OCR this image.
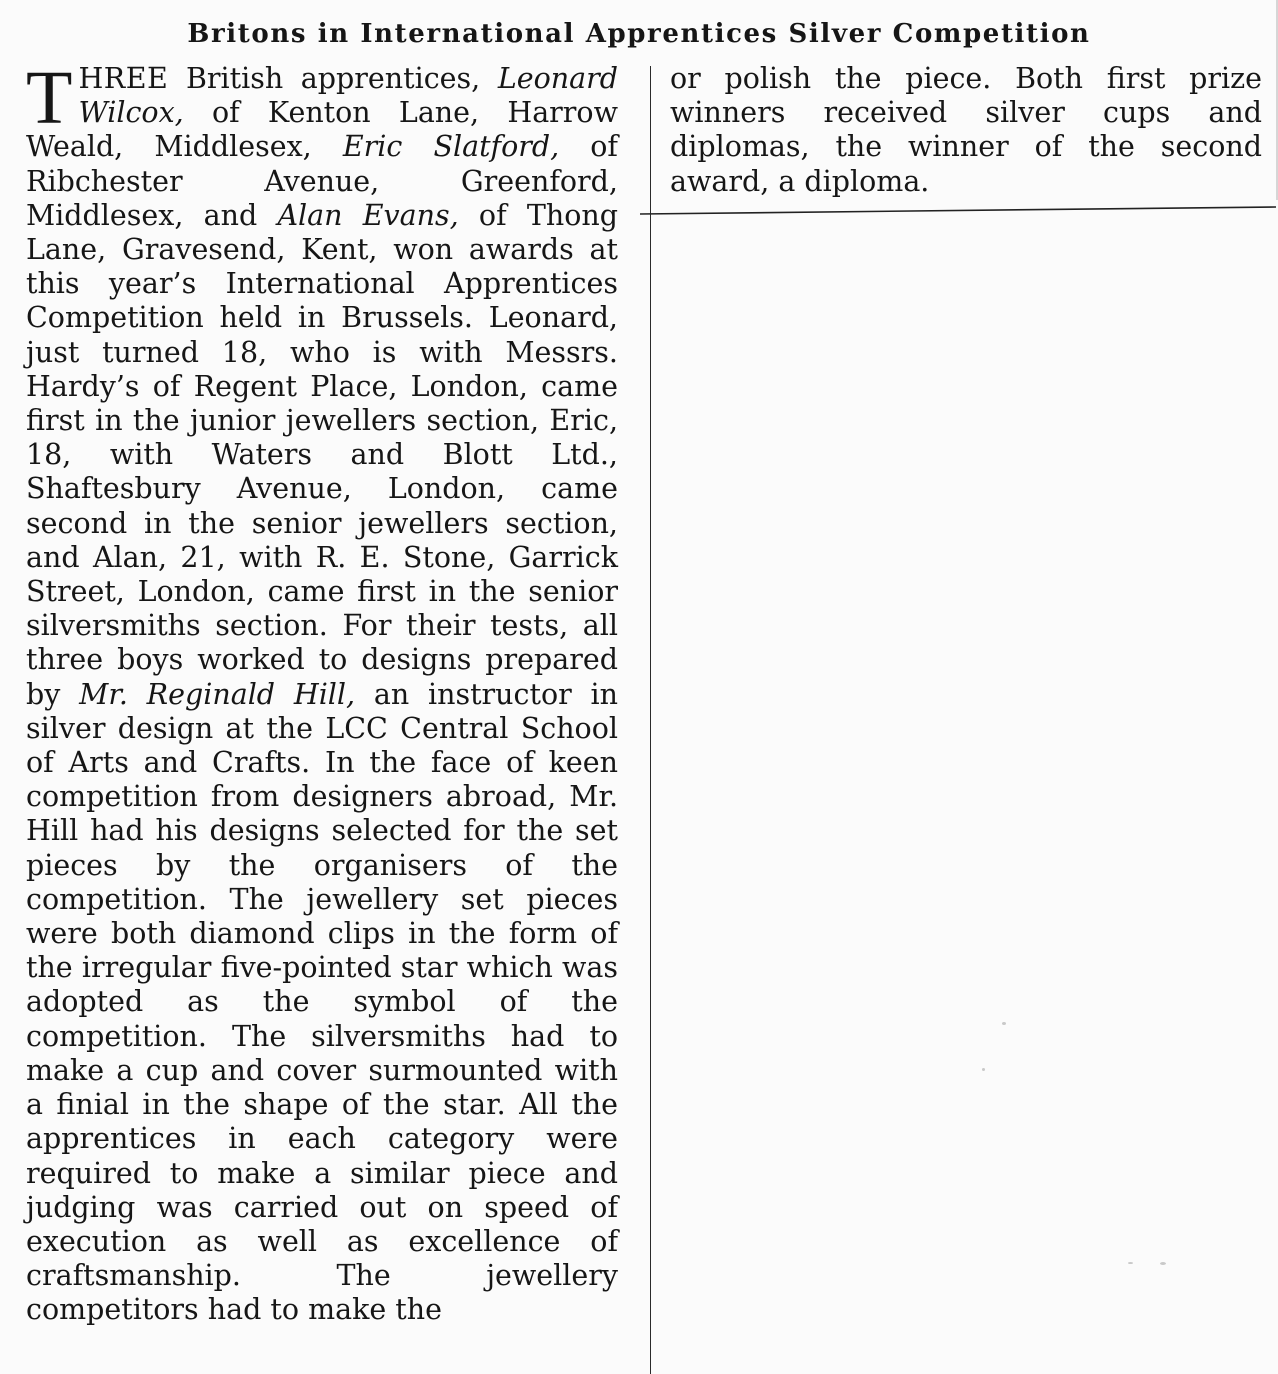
Britons in International Apprentices Silver Competition

THREE British apprentices, Leonard Wilcox, of Kenton Lane, Harrow Weald, Middlesex, Eric Slatford, of Ribchester Avenue, Greenford, Middlesex, and Alan Evans, of Thong Lane, Gravesend, Kent, won awards at this year’s International Apprentices Competition held in Brussels. Leonard, just turned 18, who is with Messrs. Hardy’s of Regent Place, London, came first in the junior jewellers section, Eric, 18, with Waters and Blott Ltd., Shaftesbury Avenue, London, came second in the senior jewellers section, and Alan, 21, with R. E. Stone, Garrick Street, London, came first in the senior silversmiths section. For their tests, all three boys worked to designs prepared by Mr. Reginald Hill, an instructor in silver design at the LCC Central School of Arts and Crafts. In the face of keen competition from designers abroad, Mr. Hill had his designs selected for the set pieces by the organisers of the competition. The jewellery set pieces were both diamond clips in the form of the irregular five-pointed star which was adopted as the symbol of the competition. The silversmiths had to make a cup and cover surmounted with a finial in the shape of the star. All the apprentices in each category were required to make a similar piece and judging was carried out on speed of execution as well as excellence of craftsmanship. The jewellery competitors had to make the

or polish the piece. Both first prize winners received silver cups and diplomas, the winner of the second award, a diploma.
